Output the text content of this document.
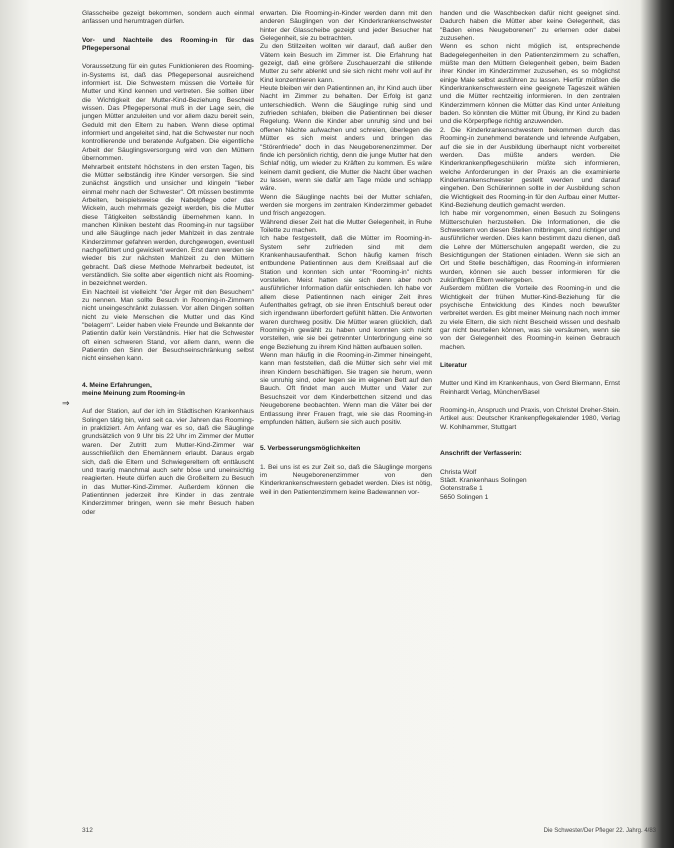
Glasscheibe gezeigt bekommen, sondern auch einmal anfassen und herumtragen dürfen.

Vor- und Nachteile des Rooming-in für das Pflegepersonal

Voraussetzung für ein gutes Funktionieren des Rooming-in-Systems ist, daß das Pflegepersonal ausreichend informiert ist. Die Schwestern müssen die Vorteile für Mutter und Kind kennen und vertreten. Sie sollten über die Wichtigkeit der Mutter-Kind-Beziehung Bescheid wissen. Das Pflegepersonal muß in der Lage sein, die jungen Mütter anzuleiten und vor allem dazu bereit sein, Geduld mit den Eltern zu haben. Wenn diese optimal informiert und angeleitet sind, hat die Schwester nur noch kontrollierende und beratende Aufgaben. Die eigentliche Arbeit der Säuglingsversorgung wird von den Müttern übernommen.

Mehrarbeit entsteht höchstens in den ersten Tagen, bis die Mütter selbständig ihre Kinder versorgen. Sie sind zunächst ängstlich und unsicher und klingeln "lieber einmal mehr nach der Schwester". Oft müssen bestimmte Arbeiten, beispielsweise die Nabelpflege oder das Wickeln, auch mehrmals gezeigt werden, bis die Mutter diese Tätigkeiten selbständig übernehmen kann. In manchen Kliniken besteht das Rooming-in nur tagsüber und alle Säuglinge nach jeder Mahlzeit in das zentrale Kinderzimmer gefahren werden, durchgewogen, eventuell nachgefüttert und gewickelt werden. Erst dann werden sie wieder bis zur nächsten Mahlzeit zu den Müttern gebracht. Daß diese Methode Mehrarbeit bedeutet, ist verständlich. Sie sollte aber eigentlich nicht als Rooming-in bezeichnet werden.

Ein Nachteil ist vielleicht "der Ärger mit den Besuchern" zu nennen. Man sollte Besuch in Rooming-in-Zimmern nicht uneingeschränkt zulassen. Vor allen Dingen sollten nicht zu viele Menschen die Mutter und das Kind "belagern". Leider haben viele Freunde und Bekannte der Patientin dafür kein Verständnis. Hier hat die Schwester oft einen schweren Stand, vor allem dann, wenn die Patientin den Sinn der Besuchseinschränkung selbst nicht einsehen kann.

4. Meine Erfahrungen,

meine Meinung zum Rooming-in

Auf der Station, auf der ich im Städtischen Krankenhaus Solingen tätig bin, wird seit ca. vier Jahren das Rooming-in praktiziert. Am Anfang war es so, daß die Säuglinge grundsätzlich von 9 Uhr bis 22 Uhr im Zimmer der Mutter waren. Der Zutritt zum Mutter-Kind-Zimmer war ausschließlich den Ehemännern erlaubt. Daraus ergab sich, daß die Eltern und Schwiegereltern oft enttäuscht und traurig manchmal auch sehr böse und uneinsichtig reagierten. Heute dürfen auch die Großeltern zu Besuch in das Mutter-Kind-Zimmer. Außerdem können die Patientinnen jederzeit ihre Kinder in das zentrale Kinderzimmer bringen, wenn sie mehr Besuch haben oder

erwarten. Die Rooming-in-Kinder werden dann mit den anderen Säuglingen von der Kinderkrankenschwester hinter der Glasscheibe gezeigt und jeder Besucher hat Gelegenheit, sie zu betrachten.

Zu den Stillzeiten wollten wir darauf, daß außer den Vätern kein Besuch im Zimmer ist. Die Erfahrung hat gezeigt, daß eine größere Zuschauerzahl die stillende Mutter zu sehr ablenkt und sie sich nicht mehr voll auf ihr Kind konzentrieren kann.

Heute bleiben wir den Patientinnen an, ihr Kind auch über Nacht im Zimmer zu behalten. Der Erfolg ist ganz unterschiedlich. Wenn die Säuglinge ruhig sind und zufrieden schlafen, bleiben die Patientinnen bei dieser Regelung. Wenn die Kinder aber unruhig sind und bei offenen Nächte aufwachen und schreien, überlegen die Mütter es sich meist anders und bringen das "Störenfriede" doch in das Neugeborenenzimmer. Der finde ich persönlich richtig, denn die junge Mutter hat den Schlaf nötig, um wieder zu Kräften zu kommen. Es wäre keinem damit gedient, die Mutter die Nacht über wachen zu lassen, wenn sie dafür am Tage müde und schlapp wäre.

Wenn die Säuglinge nachts bei der Mutter schlafen, werden sie morgens im zentralen Kinderzimmer gebadet und frisch angezogen.

Während dieser Zeit hat die Mutter Gelegenheit, in Ruhe Toilette zu machen.

Ich habe festgestellt, daß die Mütter im Rooming-in-System sehr zufrieden sind mit dem Krankenhausaufenthalt. Schon häufig kamen frisch entbundene Patientinnen aus dem Kreißsaal auf die Station und konnten sich unter "Rooming-in" nichts vorstellen. Meist hatten sie sich denn aber noch ausführlicher Information dafür entschieden. Ich habe vor allem diese Patientinnen nach einiger Zeit ihres Aufenthaltes gefragt, ob sie ihren Entschluß bereut oder sich irgendwann überfordert gefühlt hätten. Die Antworten waren durchweg positiv. Die Mütter waren glücklich, daß Rooming-in gewählt zu haben und konnten sich nicht vorstellen, wie sie bei getrennter Unterbringung eine so enge Beziehung zu ihrem Kind hätten aufbauen sollen.

Wenn man häufig in die Rooming-in-Zimmer hineingeht, kann man feststellen, daß die Mütter sich sehr viel mit ihren Kindern beschäftigen. Sie tragen sie herum, wenn sie unruhig sind, oder legen sie im eigenen Bett auf den Bauch. Oft findet man auch Mutter und Vater zur Besuchszeit vor dem Kinderbettchen sitzend und das Neugeborene beobachten. Wenn man die Väter bei der Entlassung ihrer Frauen fragt, wie sie das Rooming-in empfunden hätten, äußern sie sich auch positiv.

5. Verbesserungsmöglichkeiten

1. Bei uns ist es zur Zeit so, daß die Säuglinge morgens im Neugeborenenzimmer von den Kinderkrankenschwestern gebadet werden. Dies ist nötig, weil in den Patientenzimmern keine Badewannen vor-

handen und die Waschbecken dafür nicht geeignet sind. Dadurch haben die Mütter aber keine Gelegenheit, das "Baden eines Neugeborenen" zu erlernen oder dabei zuzusehen.

Wenn es schon nicht möglich ist, entsprechende Badegelegenheiten in den Patientenzimmern zu schaffen, müßte man den Müttern Gelegenheit geben, beim Baden ihrer Kinder im Kinderzimmer zuzusehen, es so möglichst einige Male selbst ausführen zu lassen. Hierfür müßten die Kinderkrankenschwestern eine geeignete Tageszeit wählen und die Mütter rechtzeitig informieren. In den zentralen Kinderzimmern können die Mütter das Kind unter Anleitung baden. So könnten die Mütter mit Übung, ihr Kind zu baden und die Körperpflege richtig anzuwenden.

2. Die Kinderkrankenschwestern bekommen durch das Rooming-in zunehmend beratende und lehrende Aufgaben, auf die sie in der Ausbildung überhaupt nicht vorbereitet werden. Das müßte anders werden. Die Kinderkrankenpflegeschülerin müßte sich informieren, welche Anforderungen in der Praxis an die examinierte Kinderkrankenschwester gestellt werden und darauf eingehen. Den Schülerinnen sollte in der Ausbildung schon die Wichtigkeit des Rooming-in für den Aufbau einer Mutter-Kind-Beziehung deutlich gemacht werden.

Ich habe mir vorgenommen, einen Besuch zu Solingens Mütterschulen herzustellen. Die Informationen, die die Schwestern von diesen Stellen mitbringen, sind richtiger und ausführlicher werden. Dies kann bestimmt dazu dienen, daß die Lehre der Mütterschulen angepaßt werden, die zu Besichtigungen der Stationen einladen. Wenn sie sich an Ort und Stelle beschäftigen, das Rooming-in informieren wurden, können sie auch besser informieren für die zukünftigen Eltern weitergeben.

Außerdem müßten die Vorteile des Rooming-in und die Wichtigkeit der frühen Mutter-Kind-Beziehung für die psychische Entwicklung des Kindes noch bewußter verbreitet werden. Es gibt meiner Meinung nach noch immer zu viele Eltern, die sich nicht Bescheid wissen und deshalb gar nicht beurteilen können, was sie versäumen, wenn sie von der Gelegenheit des Rooming-in keinen Gebrauch machen.

Literatur

Mutter und Kind im Krankenhaus, von Gerd Biermann, Ernst Reinhardt Verlag, München/Basel

Rooming-in, Anspruch und Praxis, von Christel Dreher-Stein. Artikel aus: Deutscher Krankenpflegekalender 1980, Verlag W. Kohlhammer, Stuttgart

Anschrift der Verfasserin:

Christa Wolf

Städt. Krankenhaus Solingen

Gotenstraße 1

5650 Solingen 1

312	Die Schwester/Der Pfleger 22. Jahrg. 4/83
⇒
